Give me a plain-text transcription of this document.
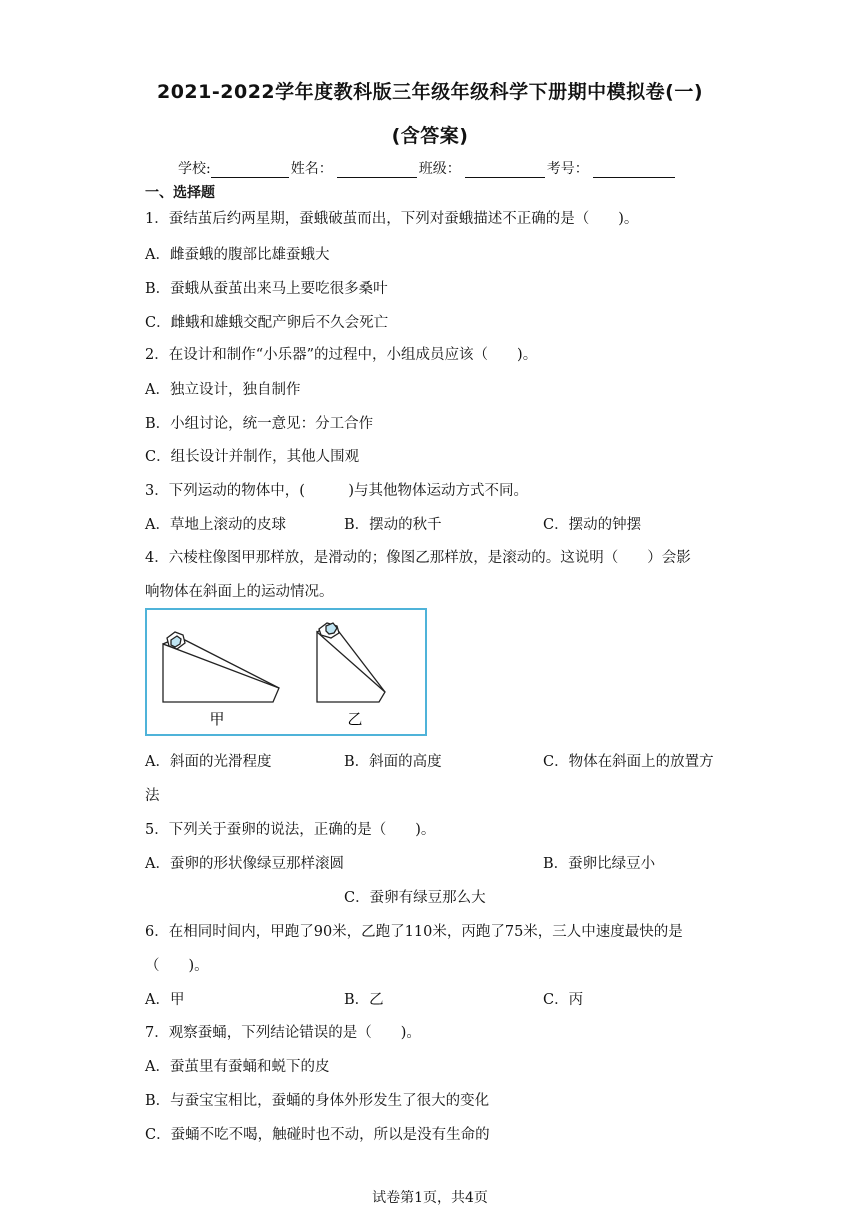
2021-2022学年度教科版三年级年级科学下册期中模拟卷(一)
(含答案)
学校:	姓名：	班级：	考号：
一、选择题
1．蚕结茧后约两星期，蚕蛾破茧而出，下列对蚕蛾描述不正确的是（　　)。
A．雌蚕蛾的腹部比雄蚕蛾大
B．蚕蛾从蚕茧出来马上要吃很多桑叶
C．雌蛾和雄蛾交配产卵后不久会死亡
2．在设计和制作“小乐器”的过程中，小组成员应该（　　)。
A．独立设计，独自制作
B．小组讨论，统一意见：分工合作
C．组长设计并制作，其他人围观
3．下列运动的物体中，(　　　)与其他物体运动方式不同。
A．草地上滚动的皮球	B．摆动的秋千	C．摆动的钟摆
4．六棱柱像图甲那样放，是滑动的；像图乙那样放，是滚动的。这说明（　　）会影
响物体在斜面上的运动情况。
甲	乙
A．斜面的光滑程度	B．斜面的高度	C．物体在斜面上的放置方
法
5．下列关于蚕卵的说法，正确的是（　　)。
A．蚕卵的形状像绿豆那样滚圆	B．蚕卵比绿豆小
C．蚕卵有绿豆那么大
6．在相同时间内，甲跑了90米，乙跑了110米，丙跑了75米，三人中速度最快的是
（　　)。
A．甲	B．乙	C．丙
7．观察蚕蛹，下列结论错误的是（　　)。
A．蚕茧里有蚕蛹和蜕下的皮
B．与蚕宝宝相比，蚕蛹的身体外形发生了很大的变化
C．蚕蛹不吃不喝，触碰时也不动，所以是没有生命的
试卷第1页，共4页
